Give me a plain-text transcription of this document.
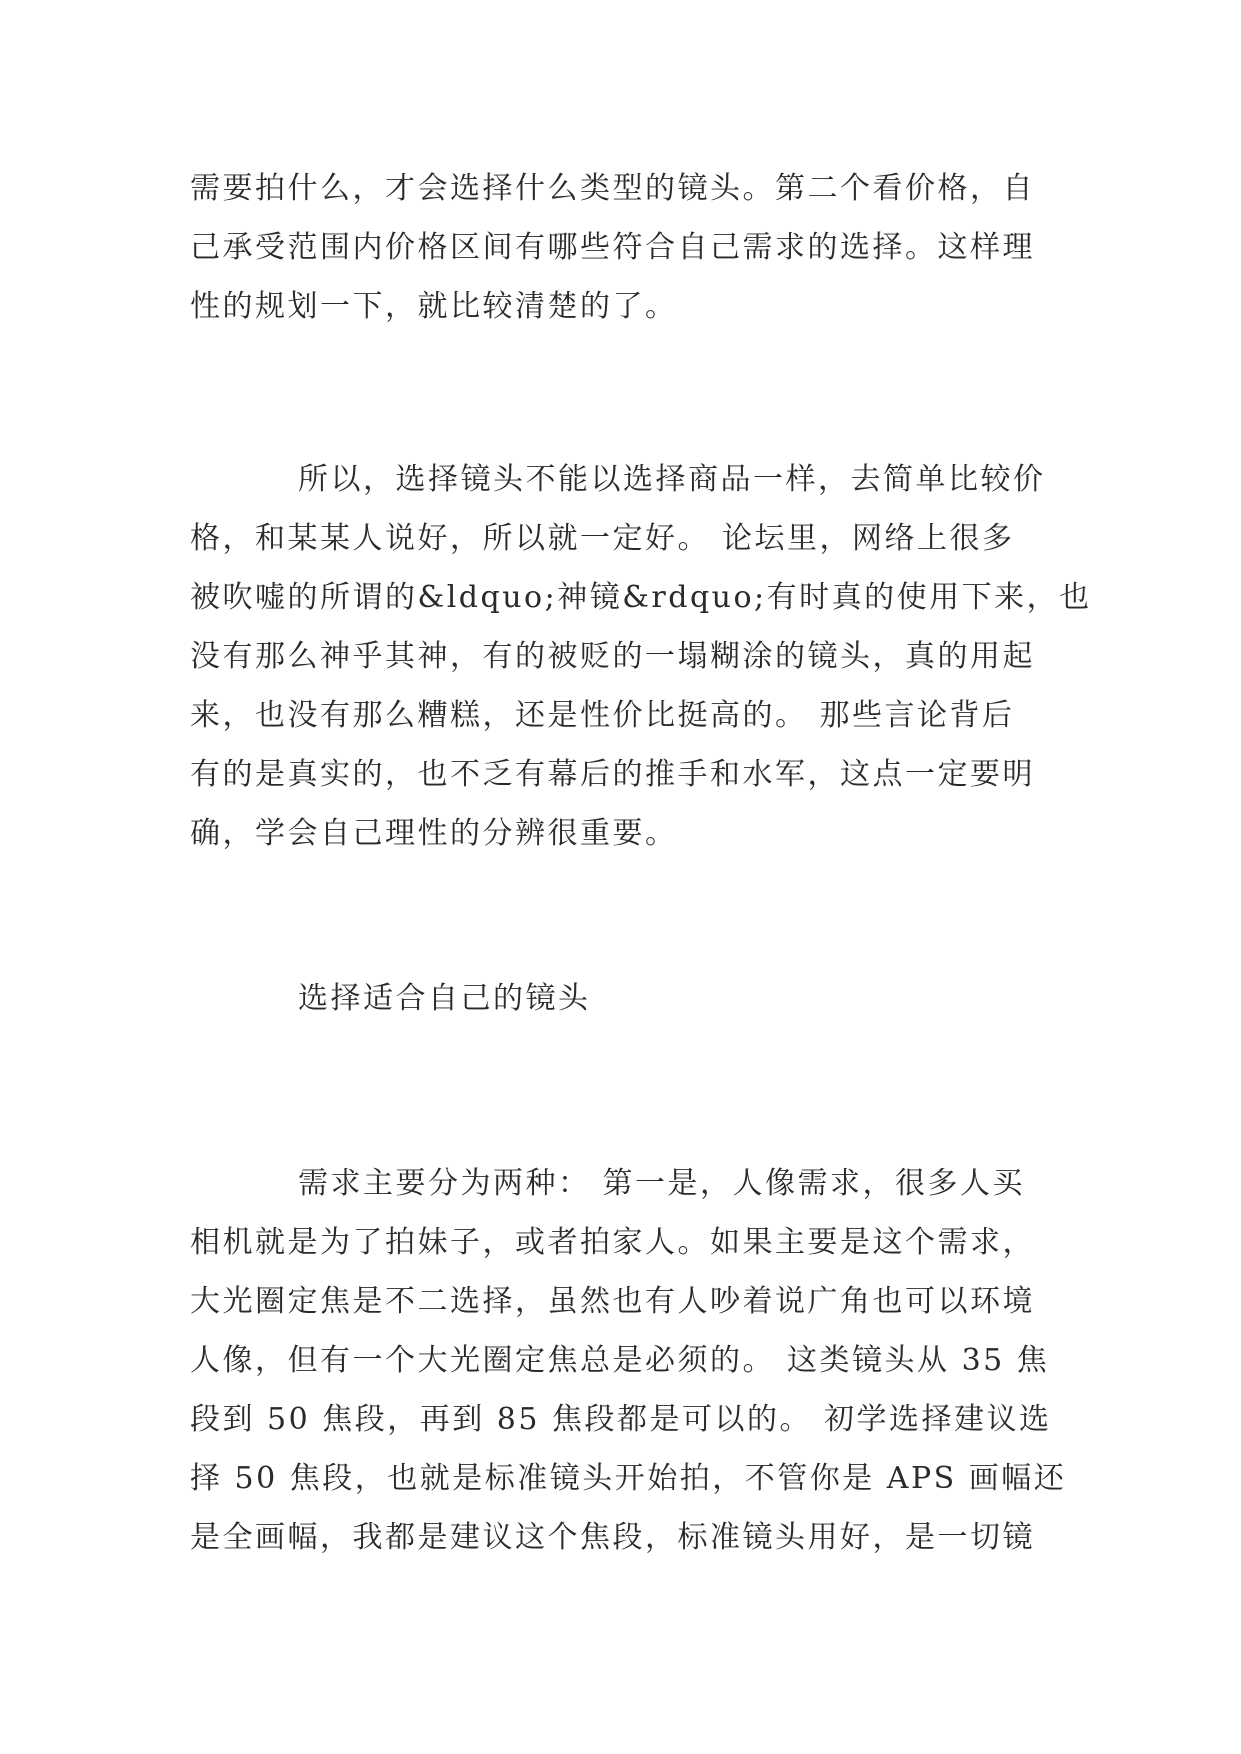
需要拍什么，才会选择什么类型的镜头。第二个看价格，自
己承受范围内价格区间有哪些符合自己需求的选择。这样理
性的规划一下，就比较清楚的了。
所以，选择镜头不能以选择商品一样，去简单比较价
格，和某某人说好，所以就一定好。 论坛里，网络上很多
被吹嘘的所谓的&ldquo;神镜&rdquo;有时真的使用下来，也
没有那么神乎其神，有的被贬的一塌糊涂的镜头，真的用起
来，也没有那么糟糕，还是性价比挺高的。 那些言论背后
有的是真实的，也不乏有幕后的推手和水军，这点一定要明
确，学会自己理性的分辨很重要。
选择适合自己的镜头
需求主要分为两种： 第一是，人像需求，很多人买
相机就是为了拍妹子，或者拍家人。如果主要是这个需求，
大光圈定焦是不二选择，虽然也有人吵着说广角也可以环境
人像，但有一个大光圈定焦总是必须的。 这类镜头从 35 焦
段到 50 焦段，再到 85 焦段都是可以的。 初学选择建议选
择 50 焦段，也就是标准镜头开始拍，不管你是 APS 画幅还
是全画幅，我都是建议这个焦段，标准镜头用好，是一切镜
